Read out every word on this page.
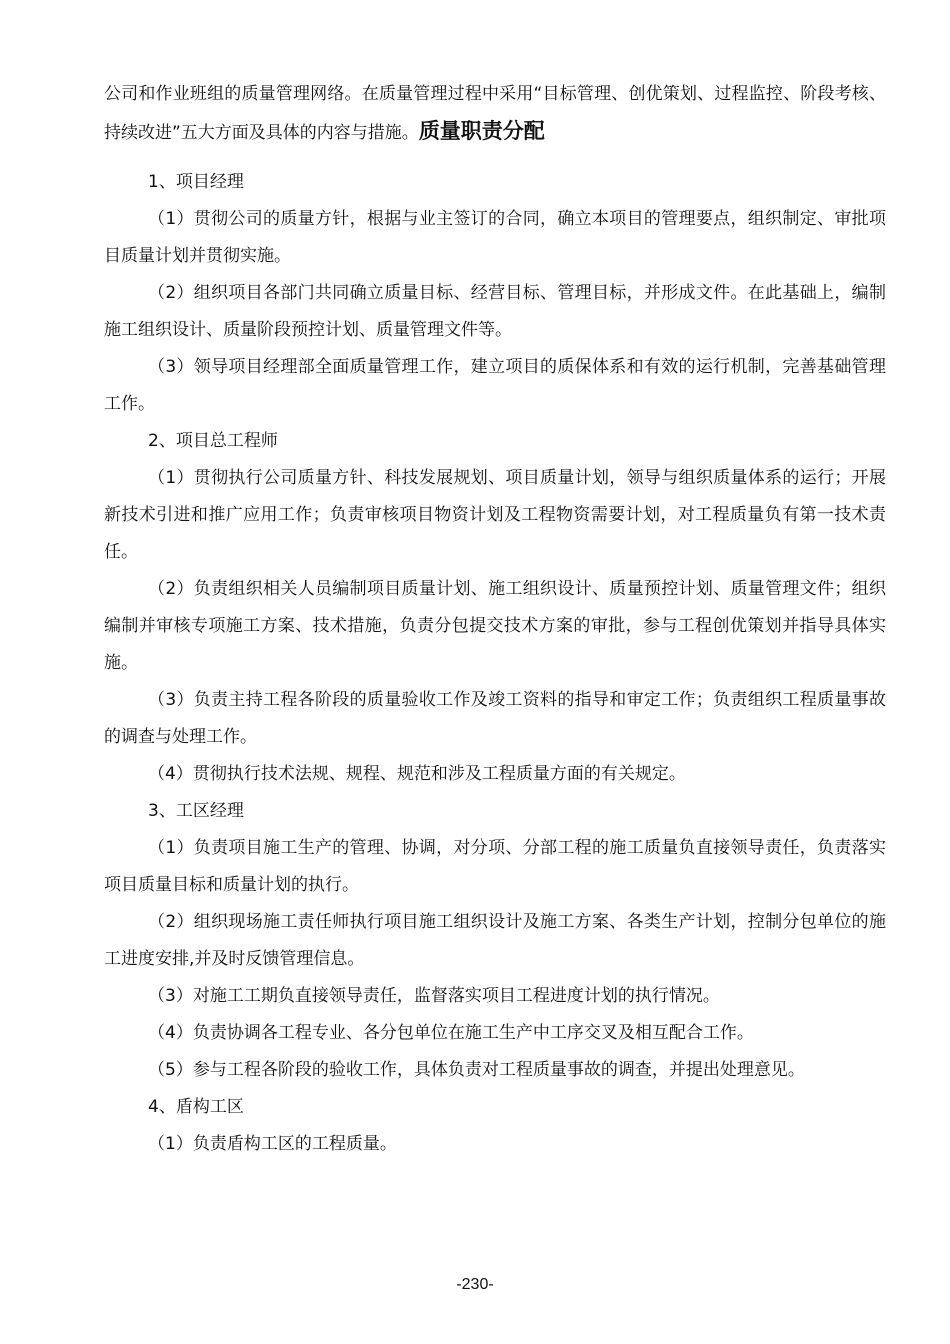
公司和作业班组的质量管理网络。在质量管理过程中采用“目标管理、创优策划、过程监控、阶段考核、持续改进”五大方面及具体的内容与措施。质量职责分配

1、项目经理

（1）贯彻公司的质量方针，根据与业主签订的合同，确立本项目的管理要点，组织制定、审批项目质量计划并贯彻实施。

（2）组织项目各部门共同确立质量目标、经营目标、管理目标，并形成文件。在此基础上，编制施工组织设计、质量阶段预控计划、质量管理文件等。

（3）领导项目经理部全面质量管理工作，建立项目的质保体系和有效的运行机制，完善基础管理工作。

2、项目总工程师

（1）贯彻执行公司质量方针、科技发展规划、项目质量计划，领导与组织质量体系的运行；开展新技术引进和推广应用工作；负责审核项目物资计划及工程物资需要计划，对工程质量负有第一技术责任。

（2）负责组织相关人员编制项目质量计划、施工组织设计、质量预控计划、质量管理文件；组织编制并审核专项施工方案、技术措施，负责分包提交技术方案的审批，参与工程创优策划并指导具体实施。

（3）负责主持工程各阶段的质量验收工作及竣工资料的指导和审定工作；负责组织工程质量事故的调查与处理工作。

（4）贯彻执行技术法规、规程、规范和涉及工程质量方面的有关规定。

3、工区经理

（1）负责项目施工生产的管理、协调，对分项、分部工程的施工质量负直接领导责任，负责落实项目质量目标和质量计划的执行。

（2）组织现场施工责任师执行项目施工组织设计及施工方案、各类生产计划，控制分包单位的施工进度安排,并及时反馈管理信息。

（3）对施工工期负直接领导责任，监督落实项目工程进度计划的执行情况。

（4）负责协调各工程专业、各分包单位在施工生产中工序交叉及相互配合工作。

（5）参与工程各阶段的验收工作，具体负责对工程质量事故的调查，并提出处理意见。

4、盾构工区

（1）负责盾构工区的工程质量。

-230-
